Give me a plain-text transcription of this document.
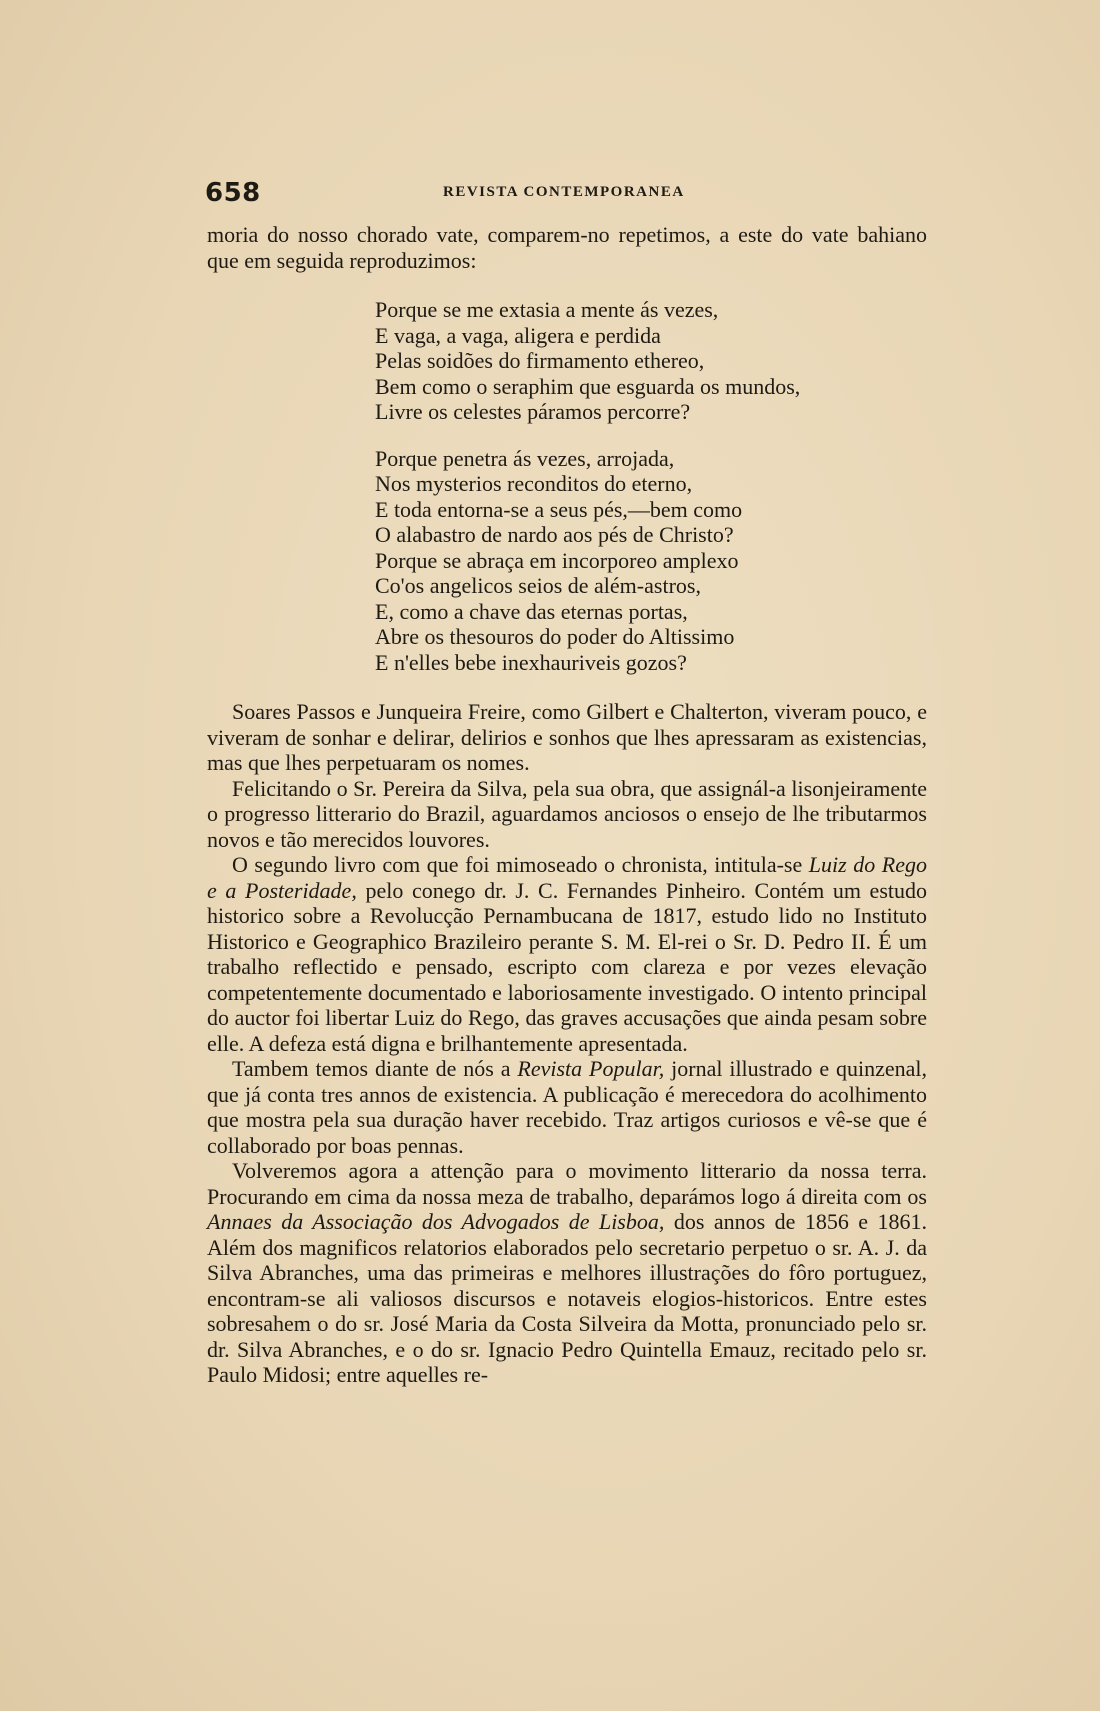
658	REVISTA CONTEMPORANEA

moria do nosso chorado vate, comparem-no repetimos, a este do vate bahiano que em seguida reproduzimos:

Porque se me extasia a mente ás vezes,
E vaga, a vaga, aligera e perdida
Pelas soidões do firmamento ethereo,
Bem como o seraphim que esguarda os mundos,
Livre os celestes páramos percorre?
Porque penetra ás vezes, arrojada,
Nos mysterios reconditos do eterno,
E toda entorna-se a seus pés,—bem como
O alabastro de nardo aos pés de Christo?
Porque se abraça em incorporeo amplexo
Co'os angelicos seios de além-astros,
E, como a chave das eternas portas,
Abre os thesouros do poder do Altissimo
E n'elles bebe inexhauriveis gozos?

Soares Passos e Junqueira Freire, como Gilbert e Chalterton, viveram pouco, e viveram de sonhar e delirar, delirios e sonhos que lhes apressaram as existencias, mas que lhes perpetuaram os nomes.

Felicitando o Sr. Pereira da Silva, pela sua obra, que assignál-a lisonjeiramente o progresso litterario do Brazil, aguardamos anciosos o ensejo de lhe tributarmos novos e tão merecidos louvores.

O segundo livro com que foi mimoseado o chronista, intitula-se Luiz do Rego e a Posteridade, pelo conego dr. J. C. Fernandes Pinheiro. Contém um estudo historico sobre a Revolucção Pernambucana de 1817, estudo lido no Instituto Historico e Geographico Brazileiro perante S. M. El-rei o Sr. D. Pedro II. É um trabalho reflectido e pensado, escripto com clareza e por vezes elevação competentemente documentado e laboriosamente investigado. O intento principal do auctor foi libertar Luiz do Rego, das graves accusações que ainda pesam sobre elle. A defeza está digna e brilhantemente apresentada.

Tambem temos diante de nós a Revista Popular, jornal illustrado e quinzenal, que já conta tres annos de existencia. A publicação é merecedora do acolhimento que mostra pela sua duração haver recebido. Traz artigos curiosos e vê-se que é collaborado por boas pennas.

Volveremos agora a attenção para o movimento litterario da nossa terra. Procurando em cima da nossa meza de trabalho, deparámos logo á direita com os Annaes da Associação dos Advogados de Lisboa, dos annos de 1856 e 1861. Além dos magnificos relatorios elaborados pelo secretario perpetuo o sr. A. J. da Silva Abranches, uma das primeiras e melhores illustrações do fôro portuguez, encontram-se ali valiosos discursos e notaveis elogios-historicos. Entre estes sobresahem o do sr. José Maria da Costa Silveira da Motta, pronunciado pelo sr. dr. Silva Abranches, e o do sr. Ignacio Pedro Quintella Emauz, recitado pelo sr. Paulo Midosi; entre aquelles re-
